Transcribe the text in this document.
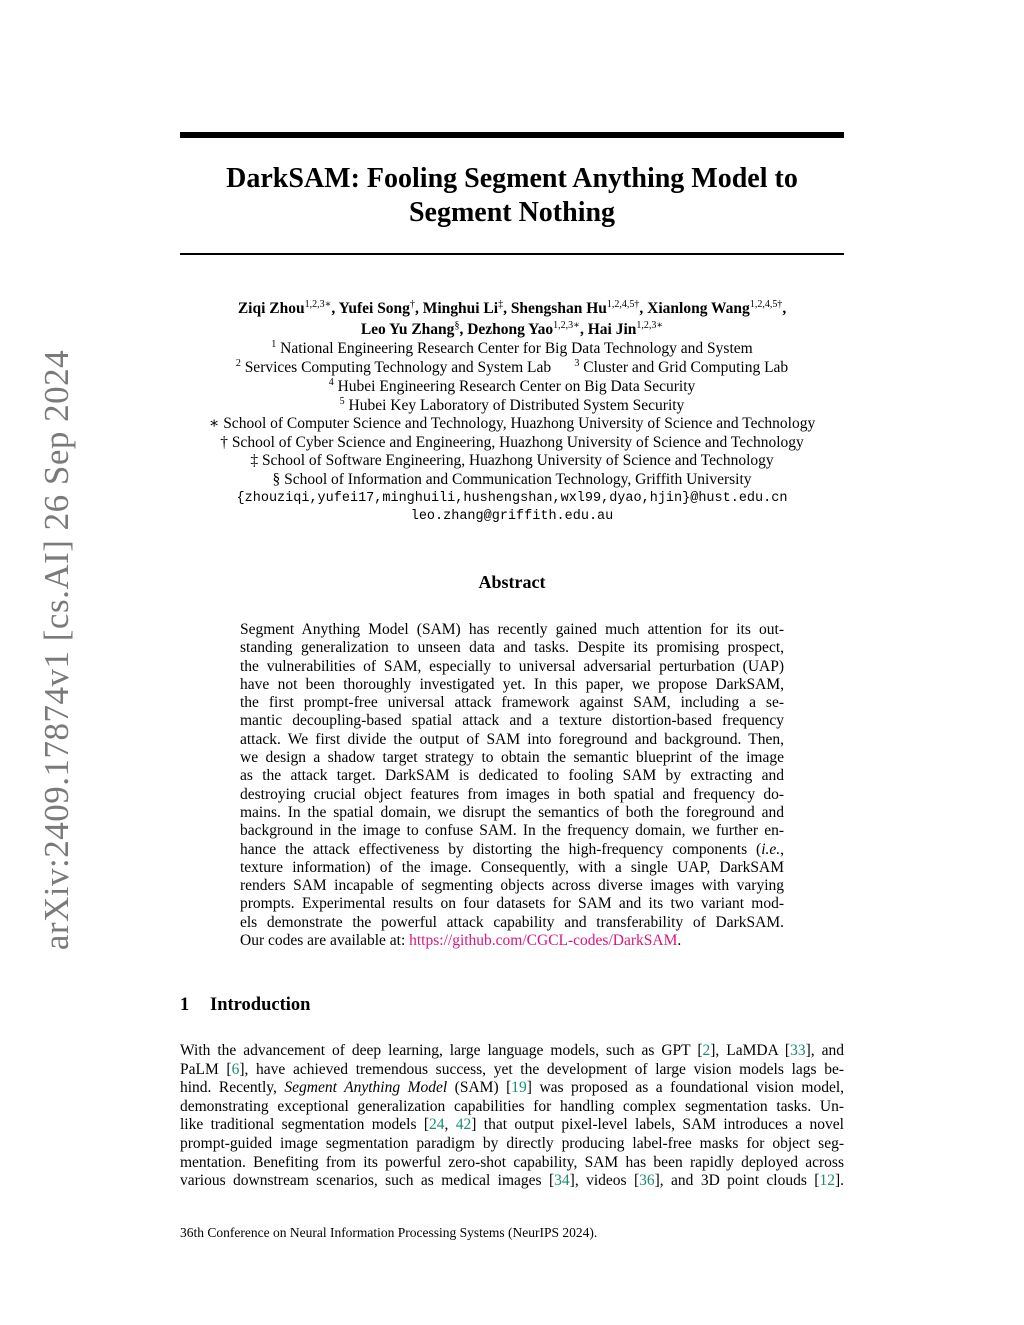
arXiv:2409.17874v1 [cs.AI] 26 Sep 2024
DarkSAM: Fooling Segment Anything Model to
Segment Nothing
Ziqi Zhou$^{1,2,3∗}$, Yufei Song†, Minghui Li‡, Shengshan $Hu^{1,2,4,5\dagger}$, Xianlong Wang$^{1,2,4,5\dagger}$,
Leo Yu Zhang§, Dezhong Yao$^{1,2,3∗}$, Hai Jin$^{1,2,3∗}$
$^1$ National Engineering Research Center for Big Data Technology and System
$^2$ Services Computing Technology and System Lab $^3$ Cluster and Grid Computing Lab
$^4$ Hubei Engineering Research Center on Big Data Security
$^5$ Hubei Key Laboratory of Distributed System Security
∗ School of Computer Science and Technology, Huazhong University of Science and Technology
† School of Cyber Science and Engineering, Huazhong University of Science and Technology
‡ School of Software Engineering, Huazhong University of Science and Technology
§ School of Information and Communication Technology, Griffith University
{zhouziqi,yufei17,minghuili,hushengshan,wxl99,dyao,hjin}@hust.edu.cn
leo.zhang@griffith.edu.au
Abstract
Segment Anything Model (SAM) has recently gained much attention for its out-
standing generalization to unseen data and tasks. Despite its promising prospect,
the vulnerabilities of SAM, especially to universal adversarial perturbation (UAP)
have not been thoroughly investigated yet. In this paper, we propose DarkSAM,
the first prompt-free universal attack framework against SAM, including a se-
mantic decoupling-based spatial attack and a texture distortion-based frequency
attack. We first divide the output of SAM into foreground and background. Then,
we design a shadow target strategy to obtain the semantic blueprint of the image
as the attack target. DarkSAM is dedicated to fooling SAM by extracting and
destroying crucial object features from images in both spatial and frequency do-
mains. In the spatial domain, we disrupt the semantics of both the foreground and
background in the image to confuse SAM. In the frequency domain, we further en-
hance the attack effectiveness by distorting the high-frequency components (i.e.,
texture information) of the image. Consequently, with a single UAP, DarkSAM
renders SAM incapable of segmenting objects across diverse images with varying
prompts. Experimental results on four datasets for SAM and its two variant mod-
els demonstrate the powerful attack capability and transferability of DarkSAM.
Our codes are available at: https://github.com/CGCL-codes/DarkSAM.
1 Introduction
With the advancement of deep learning, large language models, such as GPT [2], LaMDA [33], and
PaLM [6], have achieved tremendous success, yet the development of large vision models lags be-
hind. Recently, Segment Anything Model (SAM) [19] was proposed as a foundational vision model,
demonstrating exceptional generalization capabilities for handling complex segmentation tasks. Un-
like traditional segmentation models [24, 42] that output pixel-level labels, SAM introduces a novel
prompt-guided image segmentation paradigm by directly producing label-free masks for object seg-
mentation. Benefiting from its powerful zero-shot capability, SAM has been rapidly deployed across
various downstream scenarios, such as medical images [34], videos [36], and 3D point clouds [12].
36th Conference on Neural Information Processing Systems (NeurIPS 2024).
